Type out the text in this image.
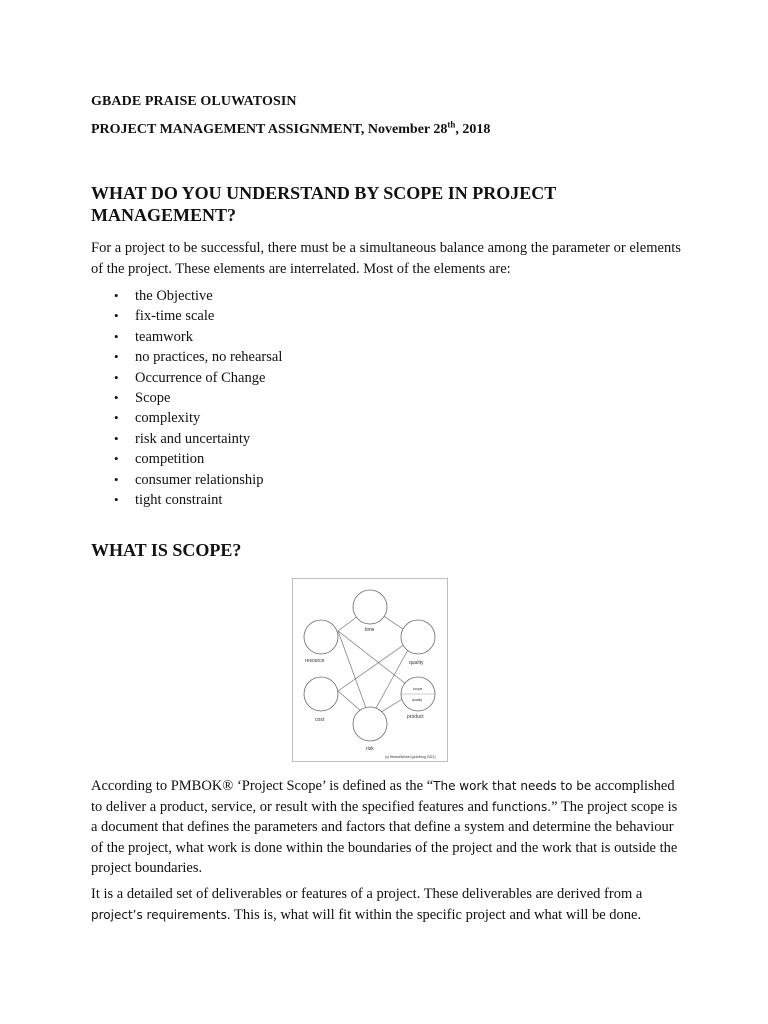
GBADE PRAISE OLUWATOSIN
PROJECT MANAGEMENT ASSIGNMENT, November 28th, 2018
WHAT DO YOU UNDERSTAND BY SCOPE IN PROJECT MANAGEMENT?

For a project to be successful, there must be a simultaneous balance among the parameter or elements of the project. These elements are interrelated. Most of the elements are:

• the Objective
• fix-time scale
• teamwork
• no practices, no rehearsal
• Occurrence of Change
• Scope
• complexity
• risk and uncertainty
• competition
• consumer relationship
• tight constraint
WHAT IS SCOPE?
time
resource	quality
scope
quality
cost	product
risk
(c) WideaWinkel (pub/blog 2011)

According to PMBOK® ‘Project Scope’ is defined as the “The work that needs to be accomplished to deliver a product, service, or result with the specified features and functions.” The project scope is a document that defines the parameters and factors that define a system and determine the behaviour of the project, what work is done within the boundaries of the project and the work that is outside the project boundaries.

It is a detailed set of deliverables or features of a project. These deliverables are derived from a project’s requirements. This is, what will fit within the specific project and what will be done.
